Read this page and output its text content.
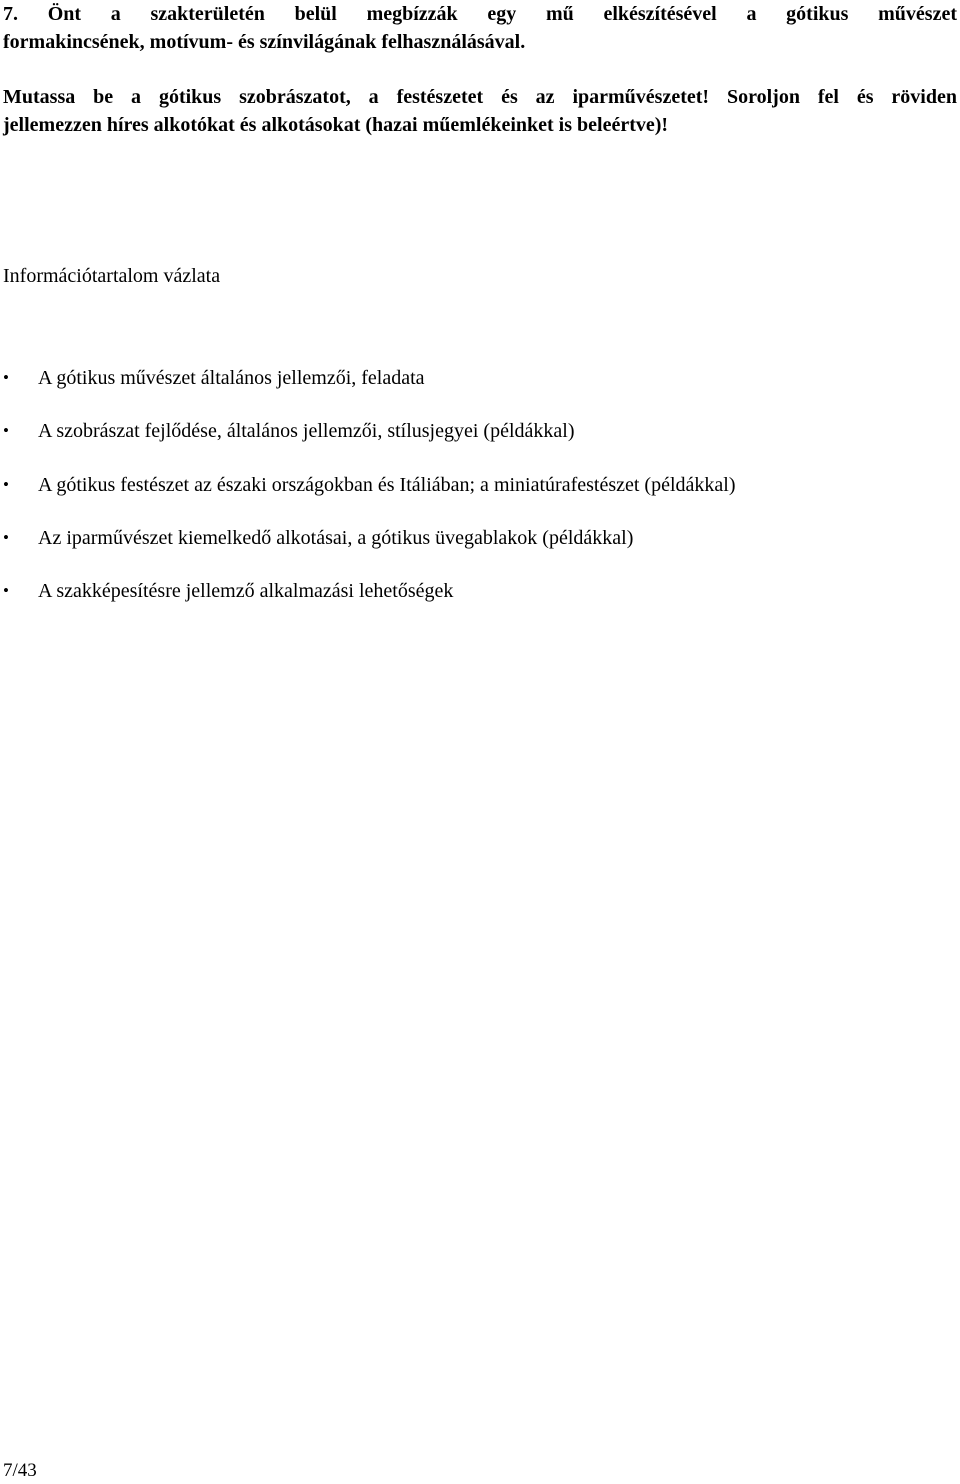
7. Önt a szakterületén belül megbízzák egy mű elkészítésével a gótikus művészet

formakincsének, motívum- és színvilágának felhasználásával.

Mutassa be a gótikus szobrászatot, a festészetet és az iparművészetet! Soroljon fel és röviden

jellemezzen híres alkotókat és alkotásokat (hazai műemlékeinket is beleértve)!

Információtartalom vázlata
• A gótikus művészet általános jellemzői, feladata
• A szobrászat fejlődése, általános jellemzői, stílusjegyei (példákkal)
• A gótikus festészet az északi országokban és Itáliában; a miniatúrafestészet (példákkal)
• Az iparművészet kiemelkedő alkotásai, a gótikus üvegablakok (példákkal)
• A szakképesítésre jellemző alkalmazási lehetőségek
7/43
